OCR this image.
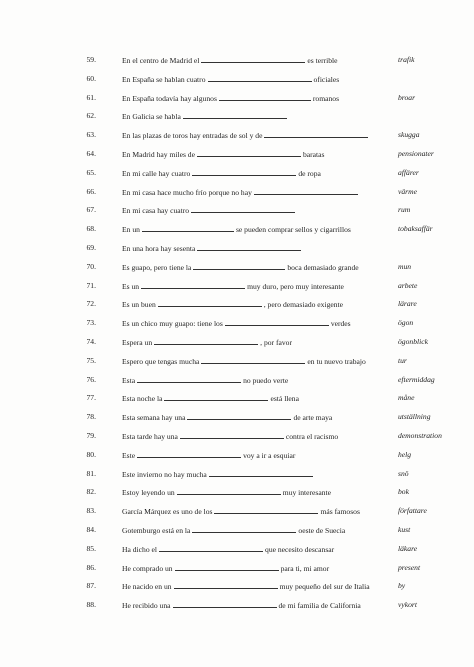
59.	En el centro de Madrid el	es terrible	trafik
60.	En España se hablan cuatro	oficiales
61.	En España todavía hay algunos	romanos	broar
62.	En Galicia se habla
63.	En las plazas de toros hay entradas de sol y de	skugga
64.	En Madrid hay miles de	baratas	pensionater
65.	En mi calle hay cuatro	de ropa	affärer
66.	En mi casa hace mucho frío porque no hay	värme
67.	En mi casa hay cuatro	rum
68.	En un	se pueden comprar sellos y cigarrillos	tobaksaffär
69.	En una hora hay sesenta
70.	Es guapo, pero tiene la	boca demasiado grande	mun
71.	Es un	muy duro, pero muy interesante	arbete
72.	Es un buen	, pero demasiado exigente	lärare
73.	Es un chico muy guapo: tiene los	verdes	ögon
74.	Espera un	, por favor	ögonblick
75.	Espero que tengas mucha	en tu nuevo trabajo	tur
76.	Esta	no puedo verte	eftermiddag
77.	Esta noche la	está llena	måne
78.	Esta semana hay una	de arte maya	utställning
79.	Esta tarde hay una	contra el racismo	demonstration
80.	Este	voy a ir a esquiar	helg
81.	Este invierno no hay mucha	snö
82.	Estoy leyendo un	muy interesante	bok
83.	García Márquez es uno de los	más famosos	författare
84.	Gotemburgo está en la	oeste de Suecia	kust
85.	Ha dicho el	que necesito descansar	läkare
86.	He comprado un	para ti, mi amor	present
87.	He nacido en un	muy pequeño del sur de Italia	by
88.	He recibido una	de mi familia de California	vykort
